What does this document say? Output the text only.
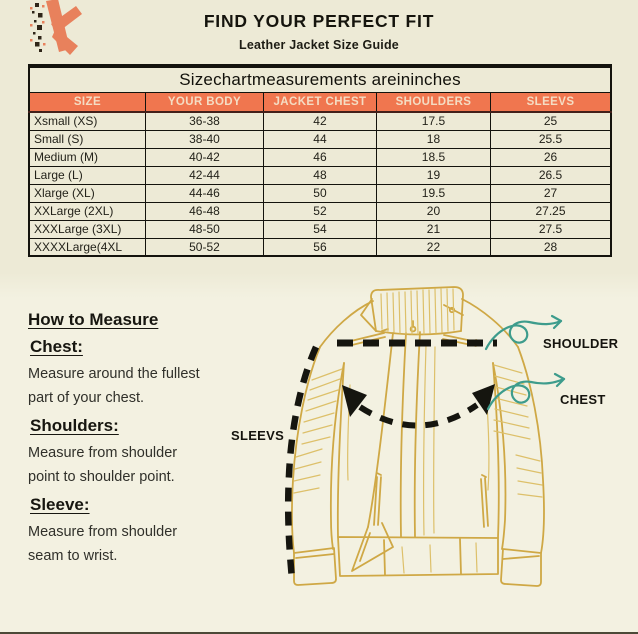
FIND YOUR PERFECT FIT
Leather Jacket Size Guide
Sizechartmeasurements areininches				
SIZE	YOUR BODY	JACKET CHEST	SHOULDERS	SLEEVS
Xsmall (XS)	36-38	42	17.5	25
Small (S)	38-40	44	18	25.5
Medium (M)	40-42	46	18.5	26
Large (L)	42-44	48	19	26.5
Xlarge (XL)	44-46	50	19.5	27
XXLarge (2XL)	46-48	52	20	27.25
XXXLarge (3XL)	48-50	54	21	27.5
XXXXLarge(4XL	50-52	56	22	28
How to Measure
Chest:
Measure around the fullest
part of your chest.
Shoulders:
Measure from shoulder
point to shoulder point.
Sleeve:
Measure from shoulder
seam to wrist.
SLEEVS
SHOULDER
CHEST
